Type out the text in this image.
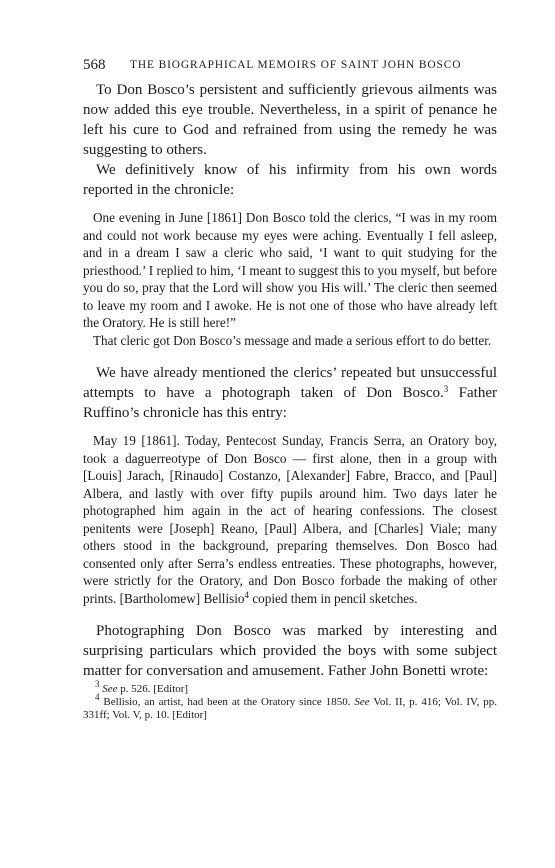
568 THE BIOGRAPHICAL MEMOIRS OF SAINT JOHN BOSCO

To Don Bosco’s persistent and sufficiently grievous ailments was now added this eye trouble. Nevertheless, in a spirit of penance he left his cure to God and refrained from using the remedy he was suggesting to others.

We definitively know of his infirmity from his own words reported in the chronicle:

One evening in June [1861] Don Bosco told the clerics, “I was in my room and could not work because my eyes were aching. Eventually I fell asleep, and in a dream I saw a cleric who said, ‘I want to quit studying for the priesthood.’ I replied to him, ‘I meant to suggest this to you myself, but before you do so, pray that the Lord will show you His will.’ The cleric then seemed to leave my room and I awoke. He is not one of those who have already left the Oratory. He is still here!”

That cleric got Don Bosco’s message and made a serious effort to do better.

We have already mentioned the clerics’ repeated but unsuccessful attempts to have a photograph taken of Don Bosco.$^3$ Father Ruffino’s chronicle has this entry:

May 19 [1861]. Today, Pentecost Sunday, Francis Serra, an Oratory boy, took a daguerreotype of Don Bosco — first alone, then in a group with [Louis] Jarach, [Rinaudo] Costanzo, [Alexander] Fabre, Bracco, and [Paul] Albera, and lastly with over fifty pupils around him. Two days later he photographed him again in the act of hearing confessions. The closest penitents were [Joseph] Reano, [Paul] Albera, and [Charles] Viale; many others stood in the background, preparing themselves. Don Bosco had consented only after Serra’s endless entreaties. These photographs, however, were strictly for the Oratory, and Don Bosco forbade the making of other prints. [Bartholomew] Bellisio$^4$ copied them in pencil sketches.

Photographing Don Bosco was marked by interesting and surprising particulars which provided the boys with some subject matter for conversation and amusement. Father John Bonetti wrote:

$^3$ See p. 526. [Editor]

$^4$ Bellisio, an artist, had been at the Oratory since 1850. See Vol. II, p. 416; Vol. IV, pp. 331ff; Vol. V, p. 10. [Editor]
